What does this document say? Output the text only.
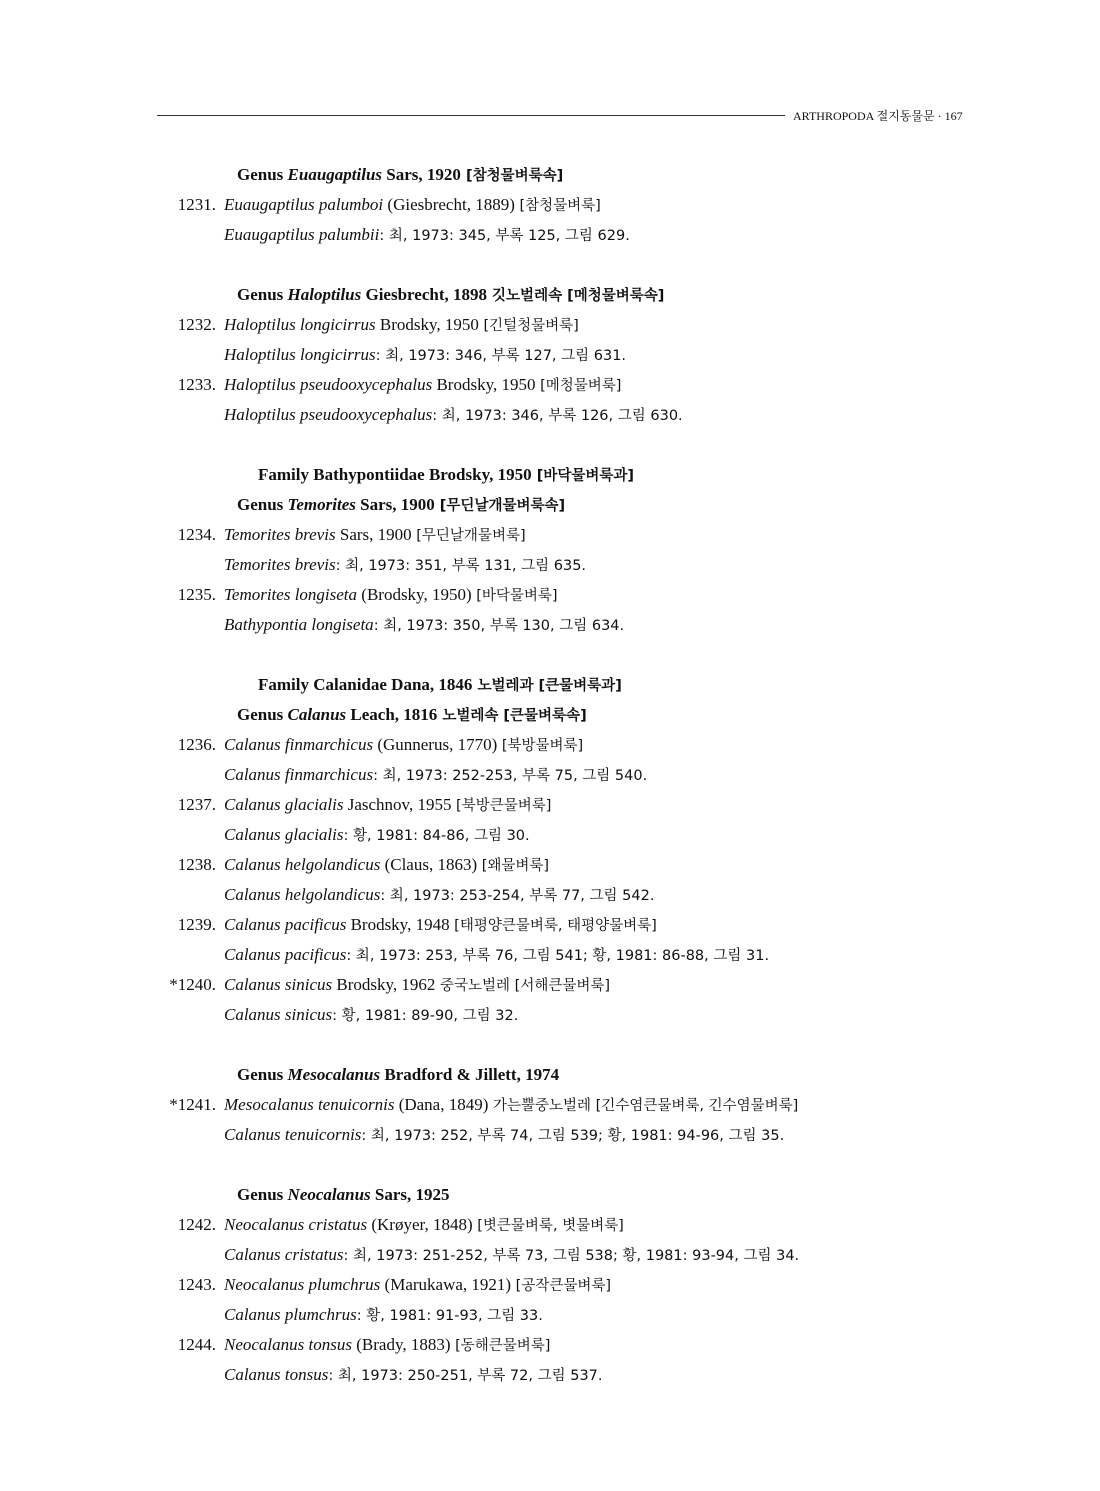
ARTHROPODA 절지동물문 · 167
Genus Euaugaptilus Sars, 1920 [참청물벼룩속]
1231. Euaugaptilus palumboi (Giesbrecht, 1889) [참청물벼룩]
Euaugaptilus palumbii: 최, 1973: 345, 부록 125, 그림 629.
Genus Haloptilus Giesbrecht, 1898 깃노벌레속 [메청물벼룩속]
1232. Haloptilus longicirrus Brodsky, 1950 [긴털청물벼룩]
Haloptilus longicirrus: 최, 1973: 346, 부록 127, 그림 631.
1233. Haloptilus pseudooxycephalus Brodsky, 1950 [메청물벼룩]
Haloptilus pseudooxycephalus: 최, 1973: 346, 부록 126, 그림 630.
Family Bathypontiidae Brodsky, 1950 [바닥물벼룩과]
Genus Temorites Sars, 1900 [무딘날개물벼룩속]
1234. Temorites brevis Sars, 1900 [무딘날개물벼룩]
Temorites brevis: 최, 1973: 351, 부록 131, 그림 635.
1235. Temorites longiseta (Brodsky, 1950) [바닥물벼룩]
Bathypontia longiseta: 최, 1973: 350, 부록 130, 그림 634.
Family Calanidae Dana, 1846 노벌레과 [큰물벼룩과]
Genus Calanus Leach, 1816 노벌레속 [큰물벼룩속]
1236. Calanus finmarchicus (Gunnerus, 1770) [북방물벼룩]
Calanus finmarchicus: 최, 1973: 252-253, 부록 75, 그림 540.
1237. Calanus glacialis Jaschnov, 1955 [북방큰물벼룩]
Calanus glacialis: 황, 1981: 84-86, 그림 30.
1238. Calanus helgolandicus (Claus, 1863) [왜물벼룩]
Calanus helgolandicus: 최, 1973: 253-254, 부록 77, 그림 542.
1239. Calanus pacificus Brodsky, 1948 [태평양큰물벼룩, 태평양물벼룩]
Calanus pacificus: 최, 1973: 253, 부록 76, 그림 541; 황, 1981: 86-88, 그림 31.
*1240. Calanus sinicus Brodsky, 1962 중국노벌레 [서해큰물벼룩]
Calanus sinicus: 황, 1981: 89-90, 그림 32.
Genus Mesocalanus Bradford & Jillett, 1974
*1241. Mesocalanus tenuicornis (Dana, 1849) 가는뿔중노벌레 [긴수염큰물벼룩, 긴수염물벼룩]
Calanus tenuicornis: 최, 1973: 252, 부록 74, 그림 539; 황, 1981: 94-96, 그림 35.
Genus Neocalanus Sars, 1925
1242. Neocalanus cristatus (Krøyer, 1848) [볏큰물벼룩, 볏물벼룩]
Calanus cristatus: 최, 1973: 251-252, 부록 73, 그림 538; 황, 1981: 93-94, 그림 34.
1243. Neocalanus plumchrus (Marukawa, 1921) [공작큰물벼룩]
Calanus plumchrus: 황, 1981: 91-93, 그림 33.
1244. Neocalanus tonsus (Brady, 1883) [동해큰물벼룩]
Calanus tonsus: 최, 1973: 250-251, 부록 72, 그림 537.
